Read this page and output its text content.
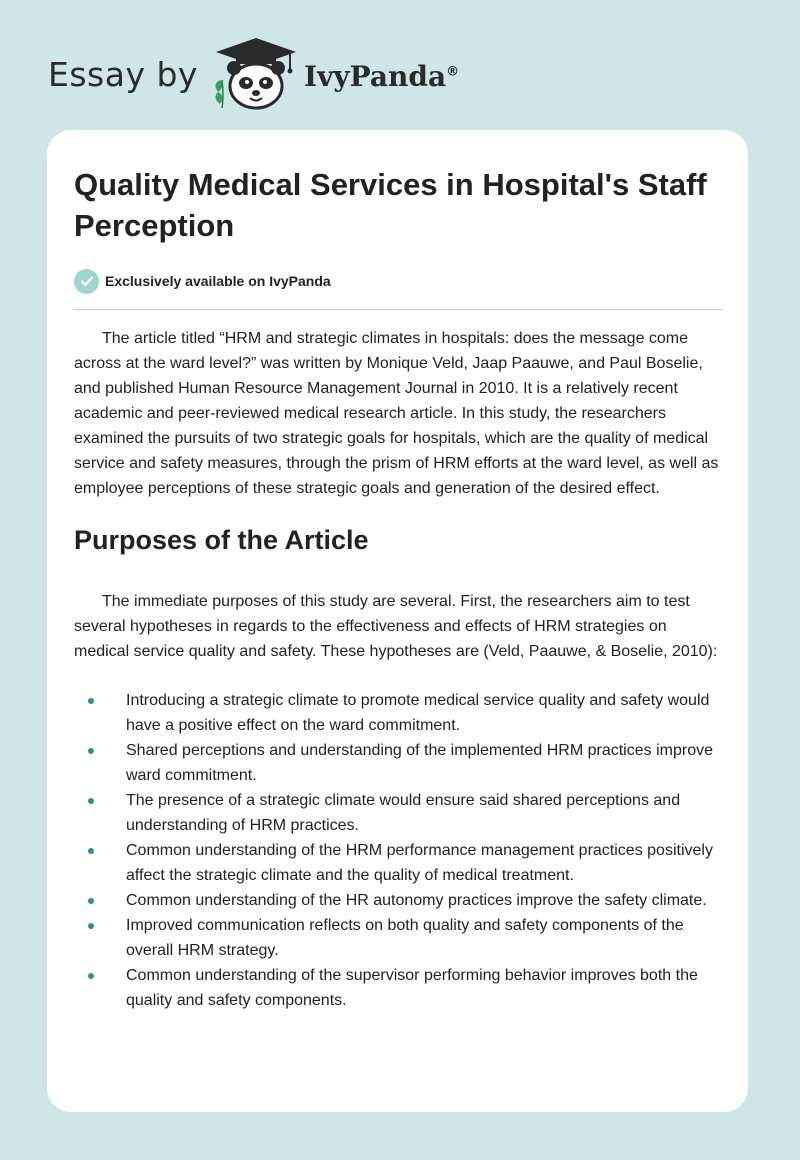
Essay by	IvyPanda®
Quality Medical Services in Hospital's Staff Perception
Exclusively available on IvyPanda

The article titled “HRM and strategic climates in hospitals: does the message come across at the ward level?” was written by Monique Veld, Jaap Paauwe, and Paul Boselie, and published Human Resource Management Journal in 2010. It is a relatively recent academic and peer-reviewed medical research article. In this study, the researchers examined the pursuits of two strategic goals for hospitals, which are the quality of medical service and safety measures, through the prism of HRM efforts at the ward level, as well as employee perceptions of these strategic goals and generation of the desired effect.

Purposes of the Article

The immediate purposes of this study are several. First, the researchers aim to test several hypotheses in regards to the effectiveness and effects of HRM strategies on medical service quality and safety. These hypotheses are (Veld, Paauwe, & Boselie, 2010):

Introducing a strategic climate to promote medical service quality and safety would have a positive effect on the ward commitment.
Shared perceptions and understanding of the implemented HRM practices improve ward commitment.
The presence of a strategic climate would ensure said shared perceptions and understanding of HRM practices.
Common understanding of the HRM performance management practices positively affect the strategic climate and the quality of medical treatment.
Common understanding of the HR autonomy practices improve the safety climate.
Improved communication reflects on both quality and safety components of the overall HRM strategy.
Common understanding of the supervisor performing behavior improves both the quality and safety components.
